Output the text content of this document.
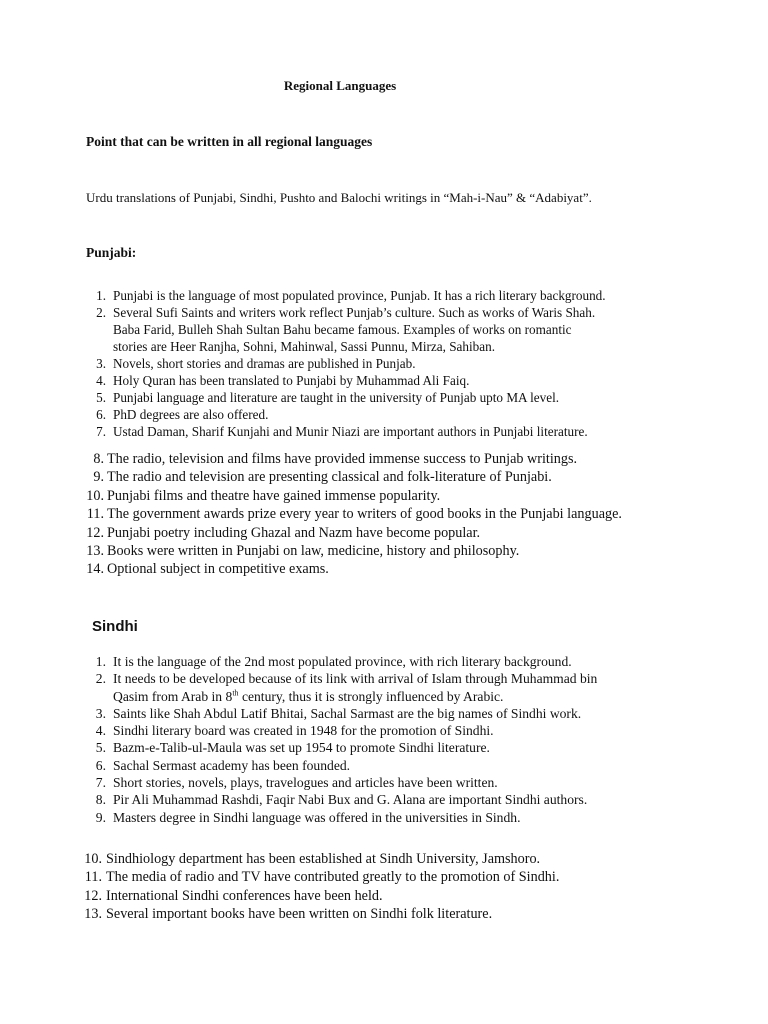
Regional Languages
Point that can be written in all regional languages
Urdu translations of Punjabi, Sindhi, Pushto and Balochi writings in “Mah-i-Nau” & “Adabiyat”.
Punjabi:
1. Punjabi is the language of most populated province, Punjab. It has a rich literary background.
2. Several Sufi Saints and writers work reflect Punjab’s culture. Such as works of Waris Shah.
Baba Farid, Bulleh Shah Sultan Bahu became famous. Examples of works on romantic
stories are Heer Ranjha, Sohni, Mahinwal, Sassi Punnu, Mirza, Sahiban.
3. Novels, short stories and dramas are published in Punjab.
4. Holy Quran has been translated to Punjabi by Muhammad Ali Faiq.
5. Punjabi language and literature are taught in the university of Punjab upto MA level.
6. PhD degrees are also offered.
7. Ustad Daman, Sharif Kunjahi and Munir Niazi are important authors in Punjabi literature.
8. The radio, television and films have provided immense success to Punjab writings.
9. The radio and television are presenting classical and folk-literature of Punjabi.
10. Punjabi films and theatre have gained immense popularity.
11. The government awards prize every year to writers of good books in the Punjabi language.
12. Punjabi poetry including Ghazal and Nazm have become popular.
13. Books were written in Punjabi on law, medicine, history and philosophy.
14. Optional subject in competitive exams.
Sindhi
1. It is the language of the 2nd most populated province, with rich literary background.
2. It needs to be developed because of its link with arrival of Islam through Muhammad bin
Qasim from Arab in 8th century, thus it is strongly influenced by Arabic.
3. Saints like Shah Abdul Latif Bhitai, Sachal Sarmast are the big names of Sindhi work.
4. Sindhi literary board was created in 1948 for the promotion of Sindhi.
5. Bazm-e-Talib-ul-Maula was set up 1954 to promote Sindhi literature.
6. Sachal Sermast academy has been founded.
7. Short stories, novels, plays, travelogues and articles have been written.
8. Pir Ali Muhammad Rashdi, Faqir Nabi Bux and G. Alana are important Sindhi authors.
9. Masters degree in Sindhi language was offered in the universities in Sindh.
10. Sindhiology department has been established at Sindh University, Jamshoro.
11. The media of radio and TV have contributed greatly to the promotion of Sindhi.
12. International Sindhi conferences have been held.
13. Several important books have been written on Sindhi folk literature.
